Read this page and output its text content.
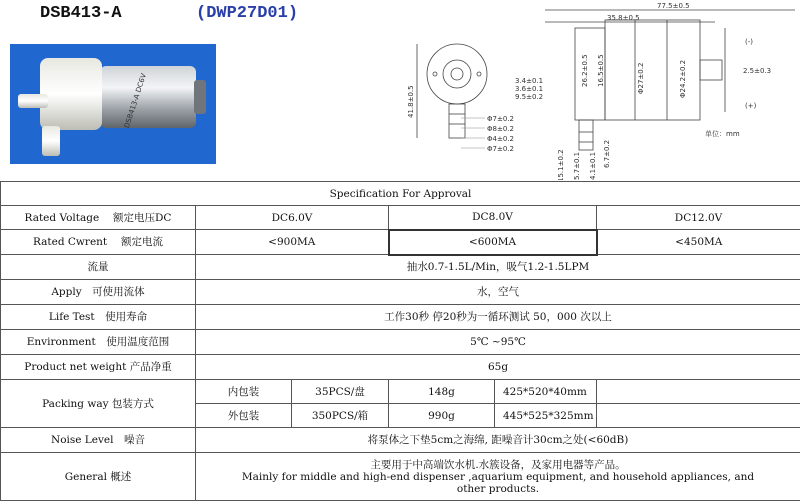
DSB413-A	(DWP27D01)
DSB413-A DC6V
77.5±0.5
35.8±0.5
26.2±0.5 16.5±0.5
41.8±0.5
Φ7±0.2
Φ8±0.2
Φ4±0.2
Φ7±0.2
3.4±0.1
3.6±0.1
9.5±0.2
Φ27±0.2	Φ24.2±0.2	2.5±0.3
15.1±0.2 5.7±0.1 4.1±0.1 6.7±0.2
(-)
(+)
单位：mm
Specification For Approval					
Rated Voltage　 额定电压DC	DC6.0V		DC8.0V		DC12.0V
Rated Cwrent　 额定电流	<900MA		<600MA		<450MA
流量	抽水0.7-1.5L/Min，吸气1.2-1.5LPM				
Apply　可使用流体	水，空气				
Life Test　使用寿命	工作30秒 停20秒为一循环测试 50，000 次以上				
Environment　使用温度范围	5℃ ~95℃				
Product net weight 产品净重	65g				
Packing way 包装方式	内包装	35PCS/盘	148g	425*520*40mm	
	外包装	350PCS/箱	990g	445*525*325mm	
Noise Level　噪音	将泵体之下垫5cm之海绵, 距噪音计30cm之处(<60dB)				
General 概述	主要用于中高端饮水机.水簇设备，及家用电器等产品。
Mainly for middle and high-end dispenser ,aquarium equipment, and household appliances, and
other products.				
